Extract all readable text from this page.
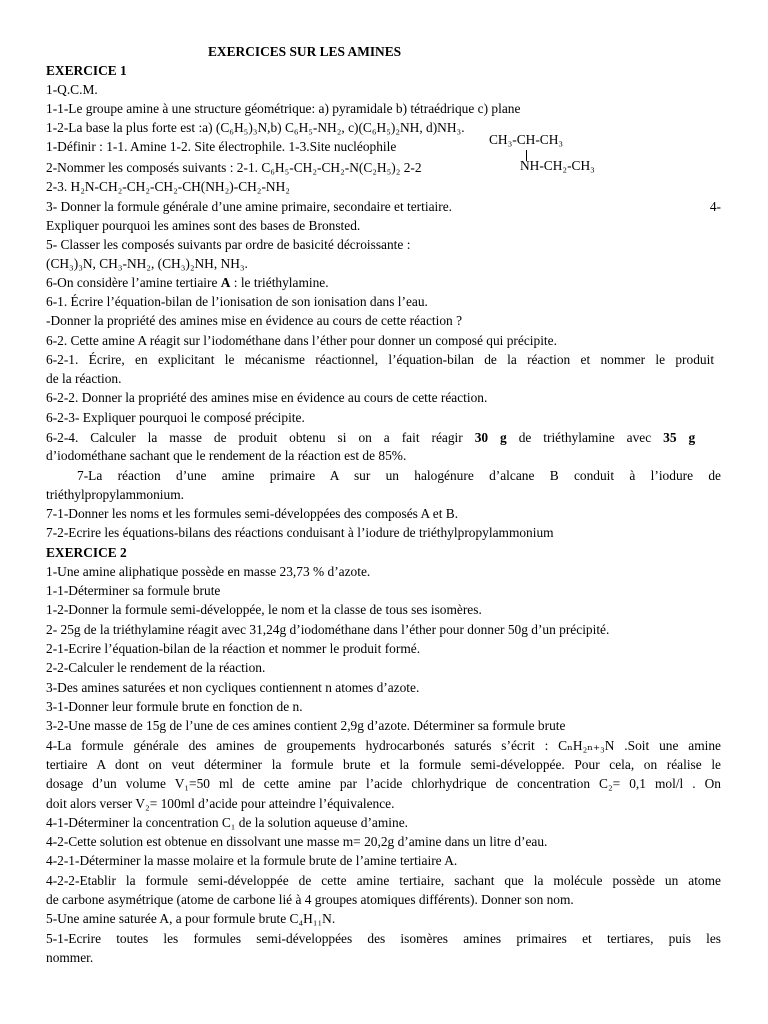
EXERCICES SUR LES AMINES
EXERCICE 1
1-Q.C.M.
1-1-Le groupe amine à une structure géométrique: a) pyramidale b) tétraédrique c) plane
1-2-La base la plus forte est :a) (C₆H₅)₃N,b) C₆H₅-NH₂, c)(C₆H₅)₂NH, d)NH₃.
1-Définir : 1-1. Amine 1-2. Site électrophile. 1-3.Site nucléophile	CH₃-CH-CH₃
NH-CH₂-CH₃
2-Nommer les composés suivants : 2-1. C₆H₅-CH₂-CH₂-N(C₂H₅)₂ 2-2
2-3. H₂N-CH₂-CH₂-CH₂-CH(NH₂)-CH₂-NH₂
3- Donner la formule générale d’une amine primaire, secondaire et tertiaire.	4-
Expliquer pourquoi les amines sont des bases de Bronsted.
5- Classer les composés suivants par ordre de basicité décroissante :
(CH₃)₃N, CH₃-NH₂, (CH₃)₂NH, NH₃.
6-On considère l’amine tertiaire A : le triéthylamine.
6-1. Écrire l’équation-bilan de l’ionisation de son ionisation dans l’eau.
-Donner la propriété des amines mise en évidence au cours de cette réaction ?
6-2. Cette amine A réagit sur l’iodométhane dans l’éther pour donner un composé qui précipite.
6-2-1. Écrire, en explicitant le mécanisme réactionnel, l’équation-bilan de la réaction et nommer le produit
de la réaction.
6-2-2. Donner la propriété des amines mise en évidence au cours de cette réaction.
6-2-3- Expliquer pourquoi le composé précipite.
6-2-4. Calculer la masse de produit obtenu si on a fait réagir 30 g de triéthylamine avec 35 g
d’iodométhane sachant que le rendement de la réaction est de 85%.
7-La réaction d’une amine primaire A sur un halogénure d’alcane B conduit à l’iodure de
triéthylpropylammonium.
7-1-Donner les noms et les formules semi-développées des composés A et B.
7-2-Ecrire les équations-bilans des réactions conduisant à l’iodure de triéthylpropylammonium
EXERCICE 2
1-Une amine aliphatique possède en masse 23,73 % d’azote.
1-1-Déterminer sa formule brute
1-2-Donner la formule semi-développée, le nom et la classe de tous ses isomères.
2- 25g de la triéthylamine réagit avec 31,24g d’iodométhane dans l’éther pour donner 50g d’un précipité.
2-1-Ecrire l’équation-bilan de la réaction et nommer le produit formé.
2-2-Calculer le rendement de la réaction.
3-Des amines saturées et non cycliques contiennent n atomes d’azote.
3-1-Donner leur formule brute en fonction de n.
3-2-Une masse de 15g de l’une de ces amines contient 2,9g d’azote. Déterminer sa formule brute
4-La formule générale des amines de groupements hydrocarbonés saturés s’écrit : CₙH₂ₙ₊₃N .Soit une amine
tertiaire A dont on veut déterminer la formule brute et la formule semi-développée. Pour cela, on réalise le
dosage d’un volume V₁=50 ml de cette amine par l’acide chlorhydrique de concentration C₂= 0,1 mol/l . On
doit alors verser V₂= 100ml d’acide pour atteindre l’équivalence.
4-1-Déterminer la concentration C₁ de la solution aqueuse d’amine.
4-2-Cette solution est obtenue en dissolvant une masse m= 20,2g d’amine dans un litre d’eau.
4-2-1-Déterminer la masse molaire et la formule brute de l’amine tertiaire A.
4-2-2-Etablir la formule semi-développée de cette amine tertiaire, sachant que la molécule possède un atome
de carbone asymétrique (atome de carbone lié à 4 groupes atomiques différents). Donner son nom.
5-Une amine saturée A, a pour formule brute C₄H₁₁N.
5-1-Ecrire toutes les formules semi-développées des isomères amines primaires et tertiares, puis les
nommer.
